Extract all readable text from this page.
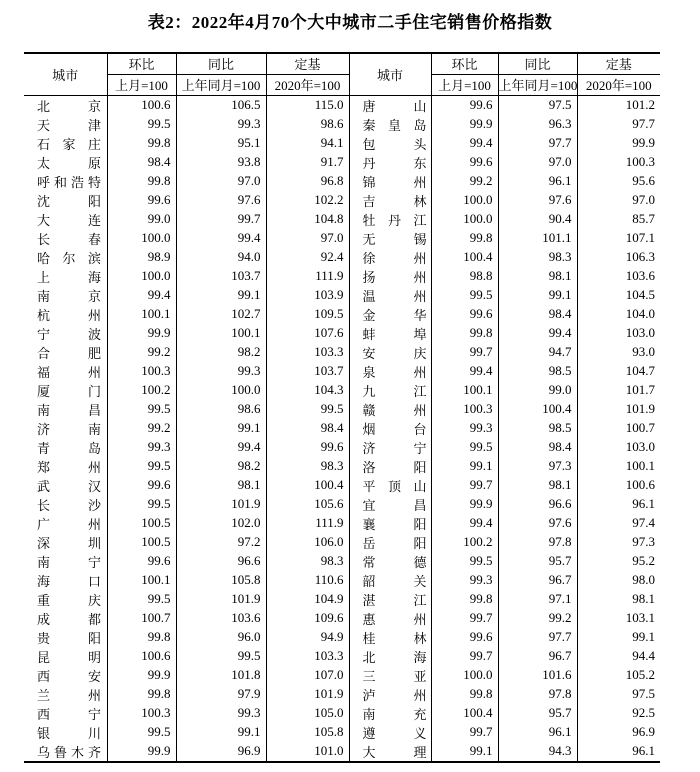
表2：2022年4月70个大中城市二手住宅销售价格指数
城市	环比	同比	定基	城市	环比	同比	定基
	上月=100	上年同月=100	2020年=100		上月=100	上年同月=100	2020年=100
北京	100.6	106.5	115.0	唐山	99.6	97.5	101.2
天津	99.5	99.3	98.6	秦皇岛	99.9	96.3	97.7
石家庄	99.8	95.1	94.1	包头	99.4	97.7	99.9
太原	98.4	93.8	91.7	丹东	99.6	97.0	100.3
呼和浩特	99.8	97.0	96.8	锦州	99.2	96.1	95.6
沈阳	99.6	97.6	102.2	吉林	100.0	97.6	97.0
大连	99.0	99.7	104.8	牡丹江	100.0	90.4	85.7
长春	100.0	99.4	97.0	无锡	99.8	101.1	107.1
哈尔滨	98.9	94.0	92.4	徐州	100.4	98.3	106.3
上海	100.0	103.7	111.9	扬州	98.8	98.1	103.6
南京	99.4	99.1	103.9	温州	99.5	99.1	104.5
杭州	100.1	102.7	109.5	金华	99.6	98.4	104.0
宁波	99.9	100.1	107.6	蚌埠	99.8	99.4	103.0
合肥	99.2	98.2	103.3	安庆	99.7	94.7	93.0
福州	100.3	99.3	103.7	泉州	99.4	98.5	104.7
厦门	100.2	100.0	104.3	九江	100.1	99.0	101.7
南昌	99.5	98.6	99.5	赣州	100.3	100.4	101.9
济南	99.2	99.1	98.4	烟台	99.3	98.5	100.7
青岛	99.3	99.4	99.6	济宁	99.5	98.4	103.0
郑州	99.5	98.2	98.3	洛阳	99.1	97.3	100.1
武汉	99.6	98.1	100.4	平顶山	99.7	98.1	100.6
长沙	99.5	101.9	105.6	宜昌	99.9	96.6	96.1
广州	100.5	102.0	111.9	襄阳	99.4	97.6	97.4
深圳	100.5	97.2	106.0	岳阳	100.2	97.8	97.3
南宁	99.6	96.6	98.3	常德	99.5	95.7	95.2
海口	100.1	105.8	110.6	韶关	99.3	96.7	98.0
重庆	99.5	101.9	104.9	湛江	99.8	97.1	98.1
成都	100.7	103.6	109.6	惠州	99.7	99.2	103.1
贵阳	99.8	96.0	94.9	桂林	99.6	97.7	99.1
昆明	100.6	99.5	103.3	北海	99.7	96.7	94.4
西安	99.9	101.8	107.0	三亚	100.0	101.6	105.2
兰州	99.8	97.9	101.9	泸州	99.8	97.8	97.5
西宁	100.3	99.3	105.0	南充	100.4	95.7	92.5
银川	99.5	99.1	105.8	遵义	99.7	96.1	96.9
乌鲁木齐	99.9	96.9	101.0	大理	99.1	94.3	96.1
